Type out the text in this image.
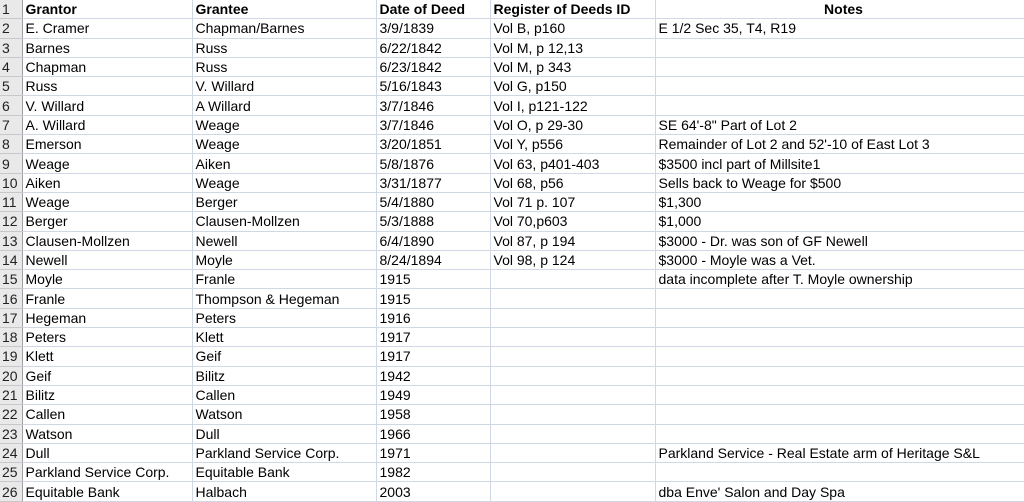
1	Grantor	Grantee	Date of Deed	Register of Deeds ID	Notes
2	E. Cramer	Chapman/Barnes	3/9/1839	Vol B, p160	E 1/2 Sec 35, T4, R19
3	Barnes	Russ	6/22/1842	Vol M, p 12,13	
4	Chapman	Russ	6/23/1842	Vol M, p 343	
5	Russ	V. Willard	5/16/1843	Vol G, p150	
6	V. Willard	A Willard	3/7/1846	Vol I, p121-122	
7	A. Willard	Weage	3/7/1846	Vol O, p 29-30	SE 64'-8" Part of Lot 2
8	Emerson	Weage	3/20/1851	Vol Y, p556	Remainder of Lot 2 and 52'-10 of East Lot 3
9	Weage	Aiken	5/8/1876	Vol 63, p401-403	$3500 incl part of Millsite1
10	Aiken	Weage	3/31/1877	Vol 68, p56	Sells back to Weage for $500
11	Weage	Berger	5/4/1880	Vol 71 p. 107	$1,300
12	Berger	Clausen-Mollzen	5/3/1888	Vol 70,p603	$1,000
13	Clausen-Mollzen	Newell	6/4/1890	Vol 87, p 194	$3000 - Dr. was son of GF Newell
14	Newell	Moyle	8/24/1894	Vol 98, p 124	$3000 - Moyle was a Vet.
15	Moyle	Franle	1915		data incomplete after T. Moyle ownership
16	Franle	Thompson & Hegeman	1915		
17	Hegeman	Peters	1916		
18	Peters	Klett	1917		
19	Klett	Geif	1917		
20	Geif	Bilitz	1942		
21	Bilitz	Callen	1949		
22	Callen	Watson	1958		
23	Watson	Dull	1966		
24	Dull	Parkland Service Corp.	1971		Parkland Service - Real Estate arm of Heritage S&L
25	Parkland Service Corp.	Equitable Bank	1982		
26	Equitable Bank	Halbach	2003		dba Enve' Salon and Day Spa
